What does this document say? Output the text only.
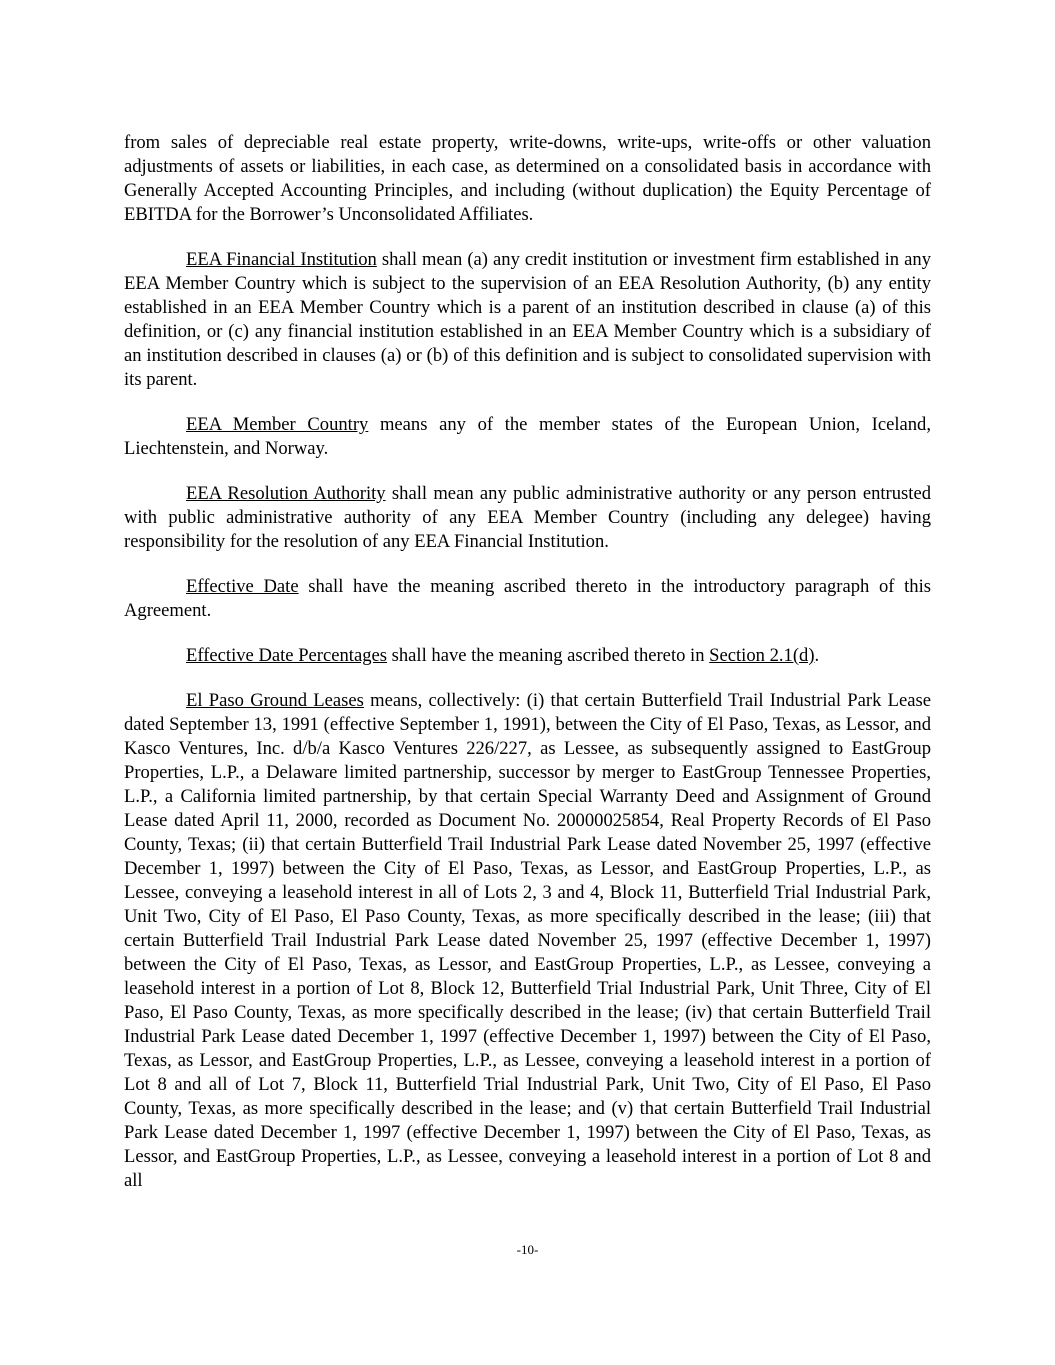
from sales of depreciable real estate property, write-downs, write-ups, write-offs or other valuation adjustments of assets or liabilities, in each case, as determined on a consolidated basis in accordance with Generally Accepted Accounting Principles, and including (without duplication) the Equity Percentage of EBITDA for the Borrower’s Unconsolidated Affiliates.

EEA Financial Institution shall mean (a) any credit institution or investment firm established in any EEA Member Country which is subject to the supervision of an EEA Resolution Authority, (b) any entity established in an EEA Member Country which is a parent of an institution described in clause (a) of this definition, or (c) any financial institution established in an EEA Member Country which is a subsidiary of an institution described in clauses (a) or (b) of this definition and is subject to consolidated supervision with its parent.

EEA Member Country means any of the member states of the European Union, Iceland, Liechtenstein, and Norway.

EEA Resolution Authority shall mean any public administrative authority or any person entrusted with public administrative authority of any EEA Member Country (including any delegee) having responsibility for the resolution of any EEA Financial Institution.

Effective Date shall have the meaning ascribed thereto in the introductory paragraph of this Agreement.

Effective Date Percentages shall have the meaning ascribed thereto in Section 2.1(d).

El Paso Ground Leases means, collectively: (i) that certain Butterfield Trail Industrial Park Lease dated September 13, 1991 (effective September 1, 1991), between the City of El Paso, Texas, as Lessor, and Kasco Ventures, Inc. d/b/a Kasco Ventures 226/227, as Lessee, as subsequently assigned to EastGroup Properties, L.P., a Delaware limited partnership, successor by merger to EastGroup Tennessee Properties, L.P., a California limited partnership, by that certain Special Warranty Deed and Assignment of Ground Lease dated April 11, 2000, recorded as Document No. 20000025854, Real Property Records of El Paso County, Texas; (ii) that certain Butterfield Trail Industrial Park Lease dated November 25, 1997 (effective December 1, 1997) between the City of El Paso, Texas, as Lessor, and EastGroup Properties, L.P., as Lessee, conveying a leasehold interest in all of Lots 2, 3 and 4, Block 11, Butterfield Trial Industrial Park, Unit Two, City of El Paso, El Paso County, Texas, as more specifically described in the lease; (iii) that certain Butterfield Trail Industrial Park Lease dated November 25, 1997 (effective December 1, 1997) between the City of El Paso, Texas, as Lessor, and EastGroup Properties, L.P., as Lessee, conveying a leasehold interest in a portion of Lot 8, Block 12, Butterfield Trial Industrial Park, Unit Three, City of El Paso, El Paso County, Texas, as more specifically described in the lease; (iv) that certain Butterfield Trail Industrial Park Lease dated December 1, 1997 (effective December 1, 1997) between the City of El Paso, Texas, as Lessor, and EastGroup Properties, L.P., as Lessee, conveying a leasehold interest in a portion of Lot 8 and all of Lot 7, Block 11, Butterfield Trial Industrial Park, Unit Two, City of El Paso, El Paso County, Texas, as more specifically described in the lease; and (v) that certain Butterfield Trail Industrial Park Lease dated December 1, 1997 (effective December 1, 1997) between the City of El Paso, Texas, as Lessor, and EastGroup Properties, L.P., as Lessee, conveying a leasehold interest in a portion of Lot 8 and all

-10-
